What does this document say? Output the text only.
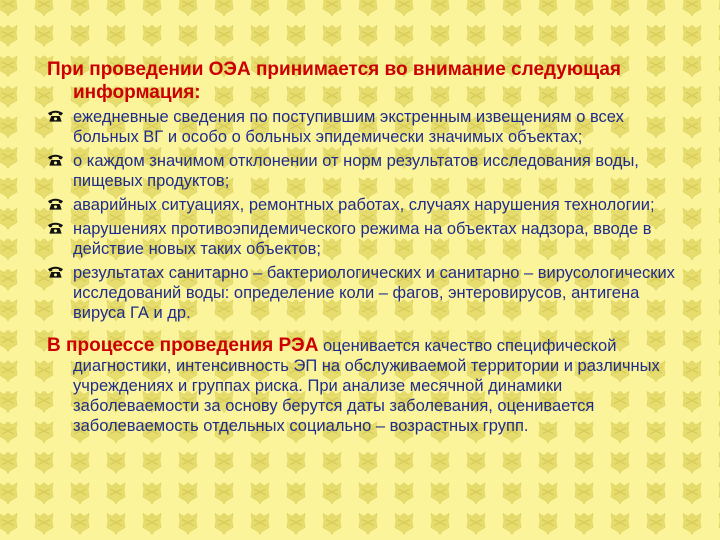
При проведении ОЭА принимается во внимание следующая информация:

ежедневные сведения по поступившим экстренным извещениям о всех больных ВГ и особо о больных эпидемически значимых объектах;
о каждом значимом отклонении от норм результатов исследования воды, пищевых продуктов;
аварийных ситуациях, ремонтных работах, случаях нарушения технологии;
нарушениях противоэпидемического режима на объектах надзора, вводе в действие новых таких объектов;
результатах санитарно – бактериологических и санитарно – вирусологических исследований воды: определение коли – фагов, энтеровирусов, антигена вируса ГА и др.

В процессе проведения РЭА оценивается качество специфической диагностики, интенсивность ЭП на обслуживаемой территории и различных учреждениях и группах риска. При анализе месячной динамики заболеваемости за основу берутся даты заболевания, оценивается заболеваемость отдельных социально – возрастных групп.
